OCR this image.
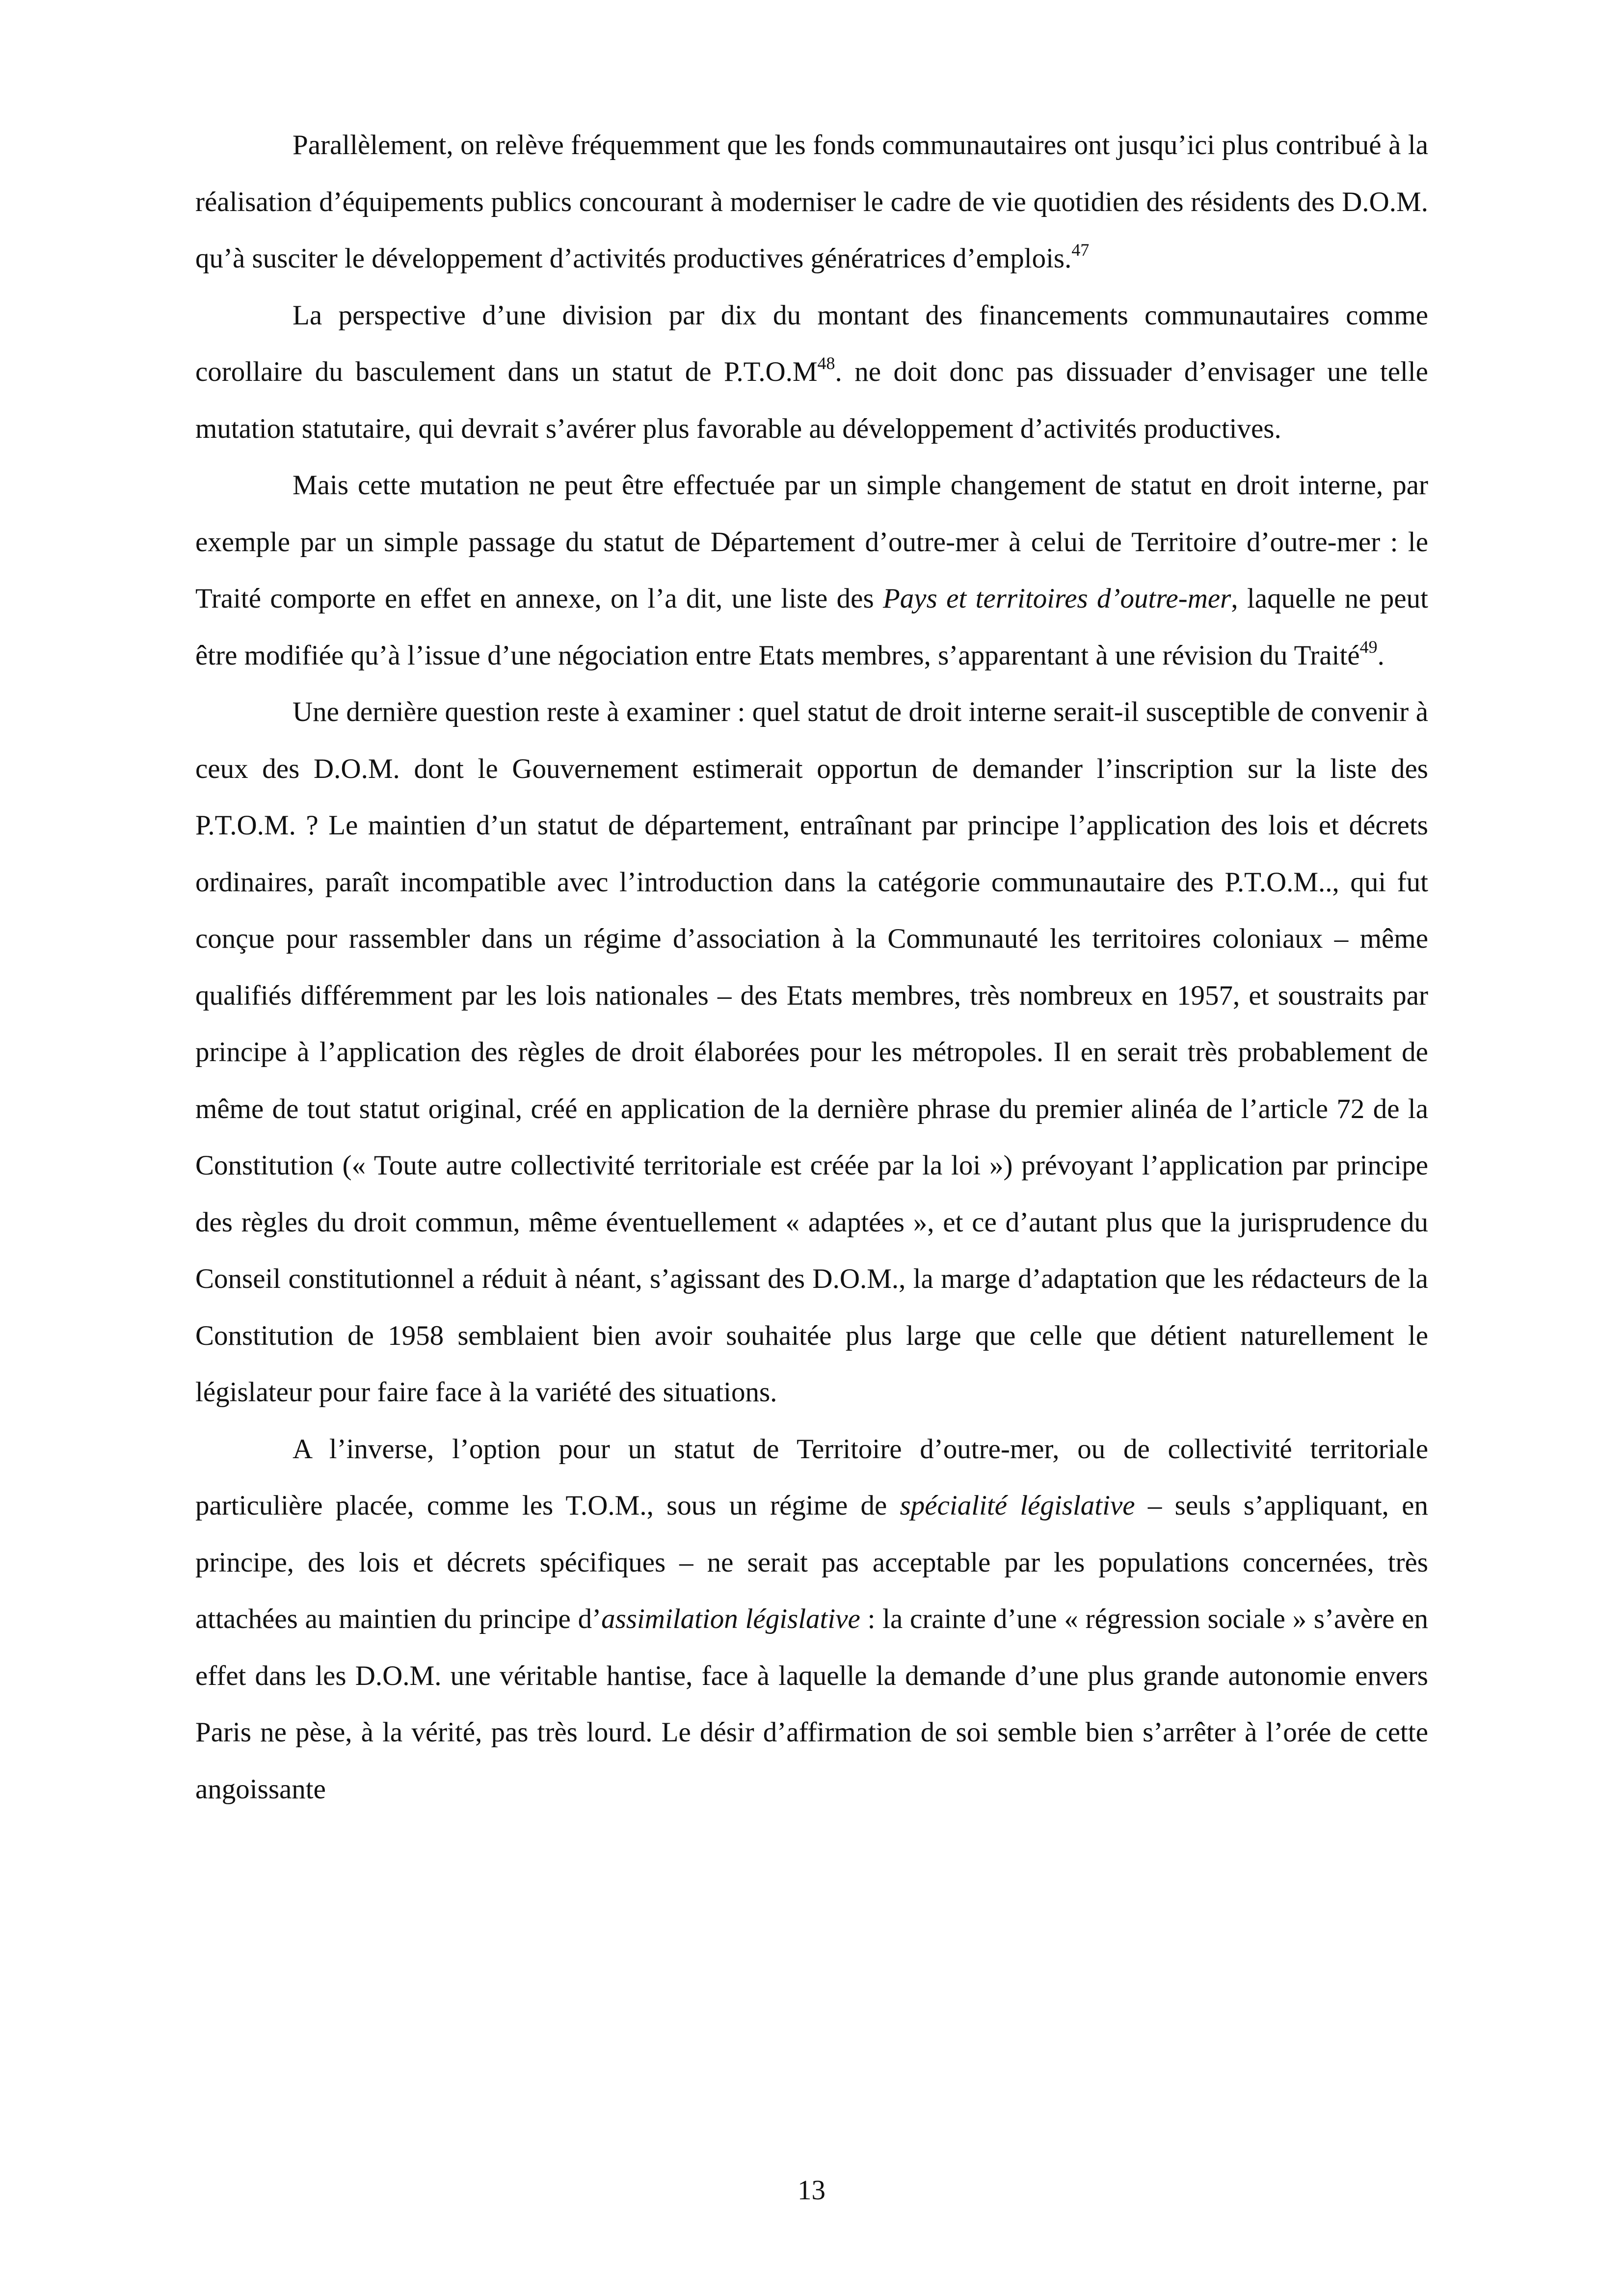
Parallèlement, on relève fréquemment que les fonds communautaires ont jusqu’ici plus contribué à la réalisation d’équipements publics concourant à moderniser le cadre de vie quotidien des résidents des D.O.M. qu’à susciter le développement d’activités productives génératrices d’emplois.$^{47}$

La perspective d’une division par dix du montant des financements communautaires comme corollaire du basculement dans un statut de $P.T.O.M^{48}$. ne doit donc pas dissuader d’envisager une telle mutation statutaire, qui devrait s’avérer plus favorable au développement d’activités productives.

Mais cette mutation ne peut être effectuée par un simple changement de statut en droit interne, par exemple par un simple passage du statut de Département d’outre-mer à celui de Territoire d’outre-mer : le Traité comporte en effet en annexe, on l’a dit, une liste des Pays et territoires d’outre-mer, laquelle ne peut être modifiée qu’à l’issue d’une négociation entre Etats membres, s’apparentant à une révision du Traité$^{49}$.

Une dernière question reste à examiner : quel statut de droit interne serait-il susceptible de convenir à ceux des D.O.M. dont le Gouvernement estimerait opportun de demander l’inscription sur la liste des P.T.O.M. ? Le maintien d’un statut de département, entraînant par principe l’application des lois et décrets ordinaires, paraît incompatible avec l’introduction dans la catégorie communautaire des P.T.O.M.., qui fut conçue pour rassembler dans un régime d’association à la Communauté les territoires coloniaux – même qualifiés différemment par les lois nationales – des Etats membres, très nombreux en 1957, et soustraits par principe à l’application des règles de droit élaborées pour les métropoles. Il en serait très probablement de même de tout statut original, créé en application de la dernière phrase du premier alinéa de l’article 72 de la Constitution (« Toute autre collectivité territoriale est créée par la loi ») prévoyant l’application par principe des règles du droit commun, même éventuellement « adaptées », et ce d’autant plus que la jurisprudence du Conseil constitutionnel a réduit à néant, s’agissant des D.O.M., la marge d’adaptation que les rédacteurs de la Constitution de 1958 semblaient bien avoir souhaitée plus large que celle que détient naturellement le législateur pour faire face à la variété des situations.

A l’inverse, l’option pour un statut de Territoire d’outre-mer, ou de collectivité territoriale particulière placée, comme les T.O.M., sous un régime de spécialité législative – seuls s’appliquant, en principe, des lois et décrets spécifiques – ne serait pas acceptable par les populations concernées, très attachées au maintien du principe d’assimilation législative : la crainte d’une « régression sociale » s’avère en effet dans les D.O.M. une véritable hantise, face à laquelle la demande d’une plus grande autonomie envers Paris ne pèse, à la vérité, pas très lourd. Le désir d’affirmation de soi semble bien s’arrêter à l’orée de cette angoissante

13
